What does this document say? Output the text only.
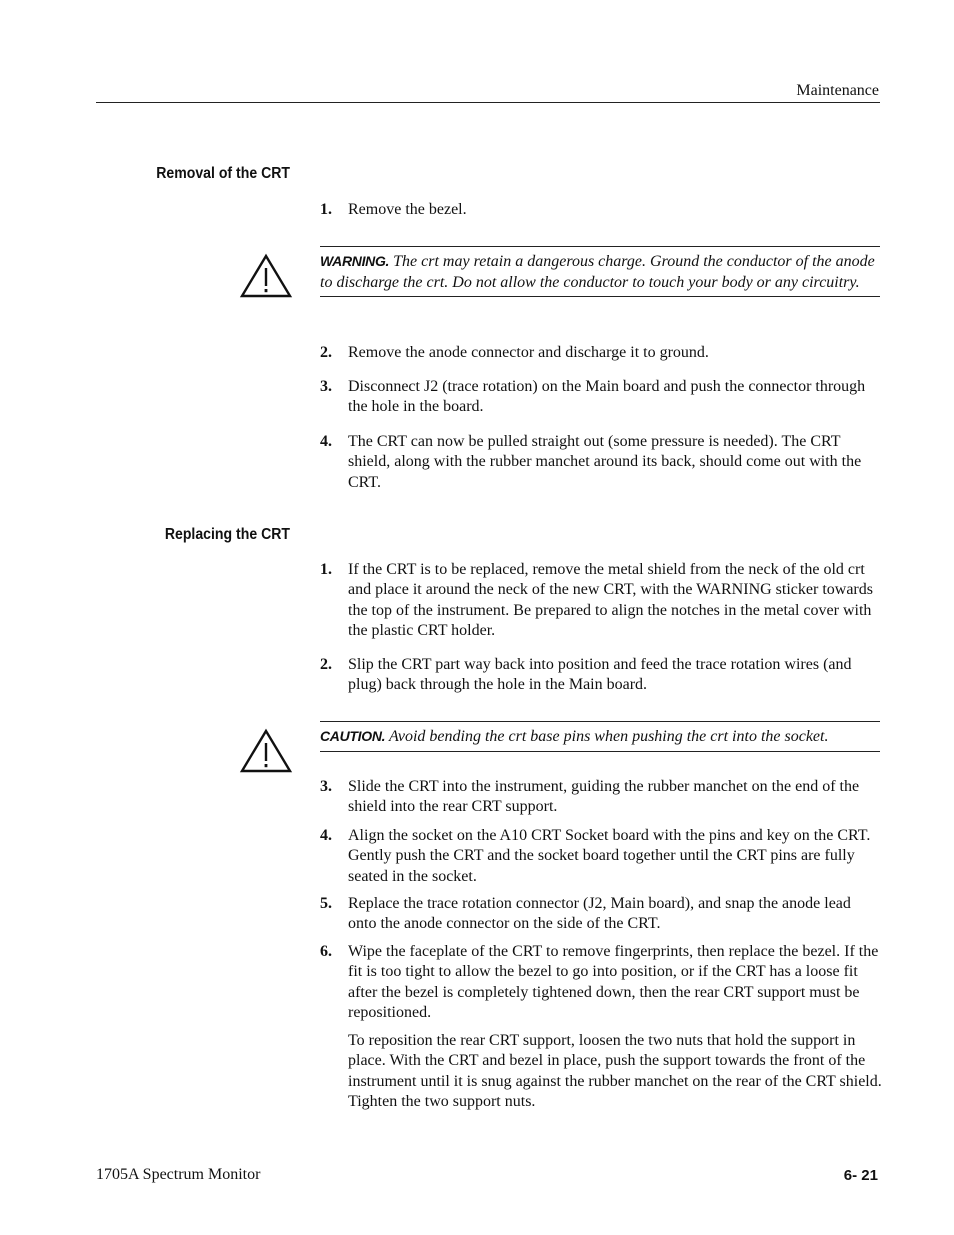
Maintenance
Removal of the CRT
1. Remove the bezel.
WARNING. The crt may retain a dangerous charge. Ground the conductor of the anode to discharge the crt. Do not allow the conductor to touch your body or any circuitry.
2. Remove the anode connector and discharge it to ground.
3. Disconnect J2 (trace rotation) on the Main board and push the connector through the hole in the board.
4. The CRT can now be pulled straight out (some pressure is needed). The CRT shield, along with the rubber manchet around its back, should come out with the CRT.
Replacing the CRT
1. If the CRT is to be replaced, remove the metal shield from the neck of the old crt and place it around the neck of the new CRT, with the WARNING sticker towards the top of the instrument. Be prepared to align the notches in the metal cover with the plastic CRT holder.
2. Slip the CRT part way back into position and feed the trace rotation wires (and plug) back through the hole in the Main board.
CAUTION. Avoid bending the crt base pins when pushing the crt into the socket.
3. Slide the CRT into the instrument, guiding the rubber manchet on the end of the shield into the rear CRT support.
4. Align the socket on the A10 CRT Socket board with the pins and key on the CRT. Gently push the CRT and the socket board together until the CRT pins are fully seated in the socket.
5. Replace the trace rotation connector (J2, Main board), and snap the anode lead onto the anode connector on the side of the CRT.
6. Wipe the faceplate of the CRT to remove fingerprints, then replace the bezel. If the fit is too tight to allow the bezel to go into position, or if the CRT has a loose fit after the bezel is completely tightened down, then the rear CRT support must be repositioned.
To reposition the rear CRT support, loosen the two nuts that hold the support in place. With the CRT and bezel in place, push the support towards the front of the instrument until it is snug against the rubber manchet on the rear of the CRT shield. Tighten the two support nuts.
1705A Spectrum Monitor	6- 21
